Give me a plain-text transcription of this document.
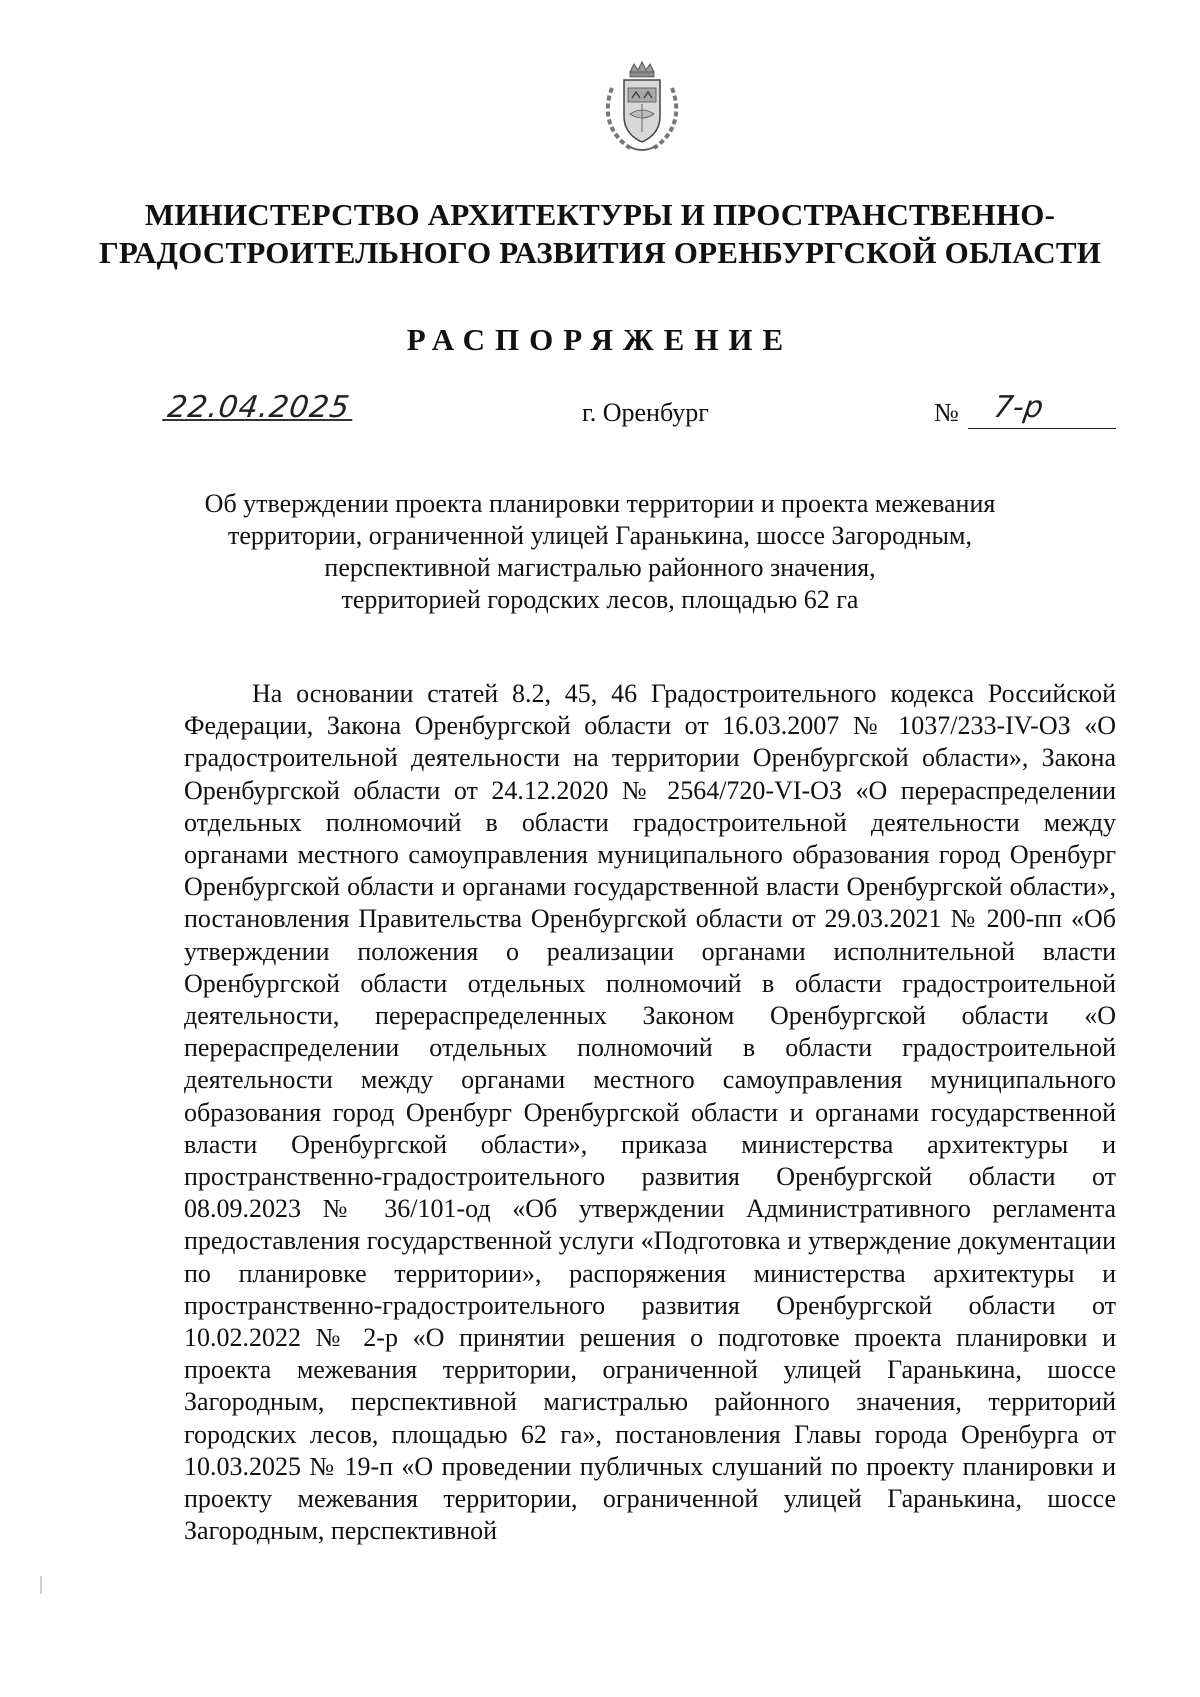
МИНИСТЕРСТВО АРХИТЕКТУРЫ И ПРОСТРАНСТВЕННО-
ГРАДОСТРОИТЕЛЬНОГО РАЗВИТИЯ ОРЕНБУРГСКОЙ ОБЛАСТИ
РАСПОРЯЖЕНИЕ
22.04.2025	г. Оренбург	№ 7-р
Об утверждении проекта планировки территории и проекта межевания
территории, ограниченной улицей Гаранькина, шоссе Загородным,
перспективной магистралью районного значения,
территорией городских лесов, площадью 62 га
На основании статей 8.2, 45, 46 Градостроительного кодекса Российской Федерации, Закона Оренбургской области от 16.03.2007 № 1037/233-IV-ОЗ «О градостроительной деятельности на территории Оренбургской области», Закона Оренбургской области от 24.12.2020 № 2564/720-VI-ОЗ «О перераспределении отдельных полномочий в области градостроительной деятельности между органами местного самоуправления муниципального образования город Оренбург Оренбургской области и органами государственной власти Оренбургской области», постановления Правительства Оренбургской области от 29.03.2021 № 200-пп «Об утверждении положения о реализации органами исполнительной власти Оренбургской области отдельных полномочий в области градостроительной деятельности, перераспределенных Законом Оренбургской области «О перераспределении отдельных полномочий в области градостроительной деятельности между органами местного самоуправления муниципального образования город Оренбург Оренбургской области и органами государственной власти Оренбургской области», приказа министерства архитектуры и пространственно-градостроительного развития Оренбургской области от 08.09.2023 № 36/101-од «Об утверждении Административного регламента предоставления государственной услуги «Подготовка и утверждение документации по планировке территории», распоряжения министерства архитектуры и пространственно-градостроительного развития Оренбургской области от 10.02.2022 № 2-р «О принятии решения о подготовке проекта планировки и проекта межевания территории, ограниченной улицей Гаранькина, шоссе Загородным, перспективной магистралью районного значения, территорий городских лесов, площадью 62 га», постановления Главы города Оренбурга от 10.03.2025 № 19-п «О проведении публичных слушаний по проекту планировки и проекту межевания территории, ограниченной улицей Гаранькина, шоссе Загородным, перспективной
